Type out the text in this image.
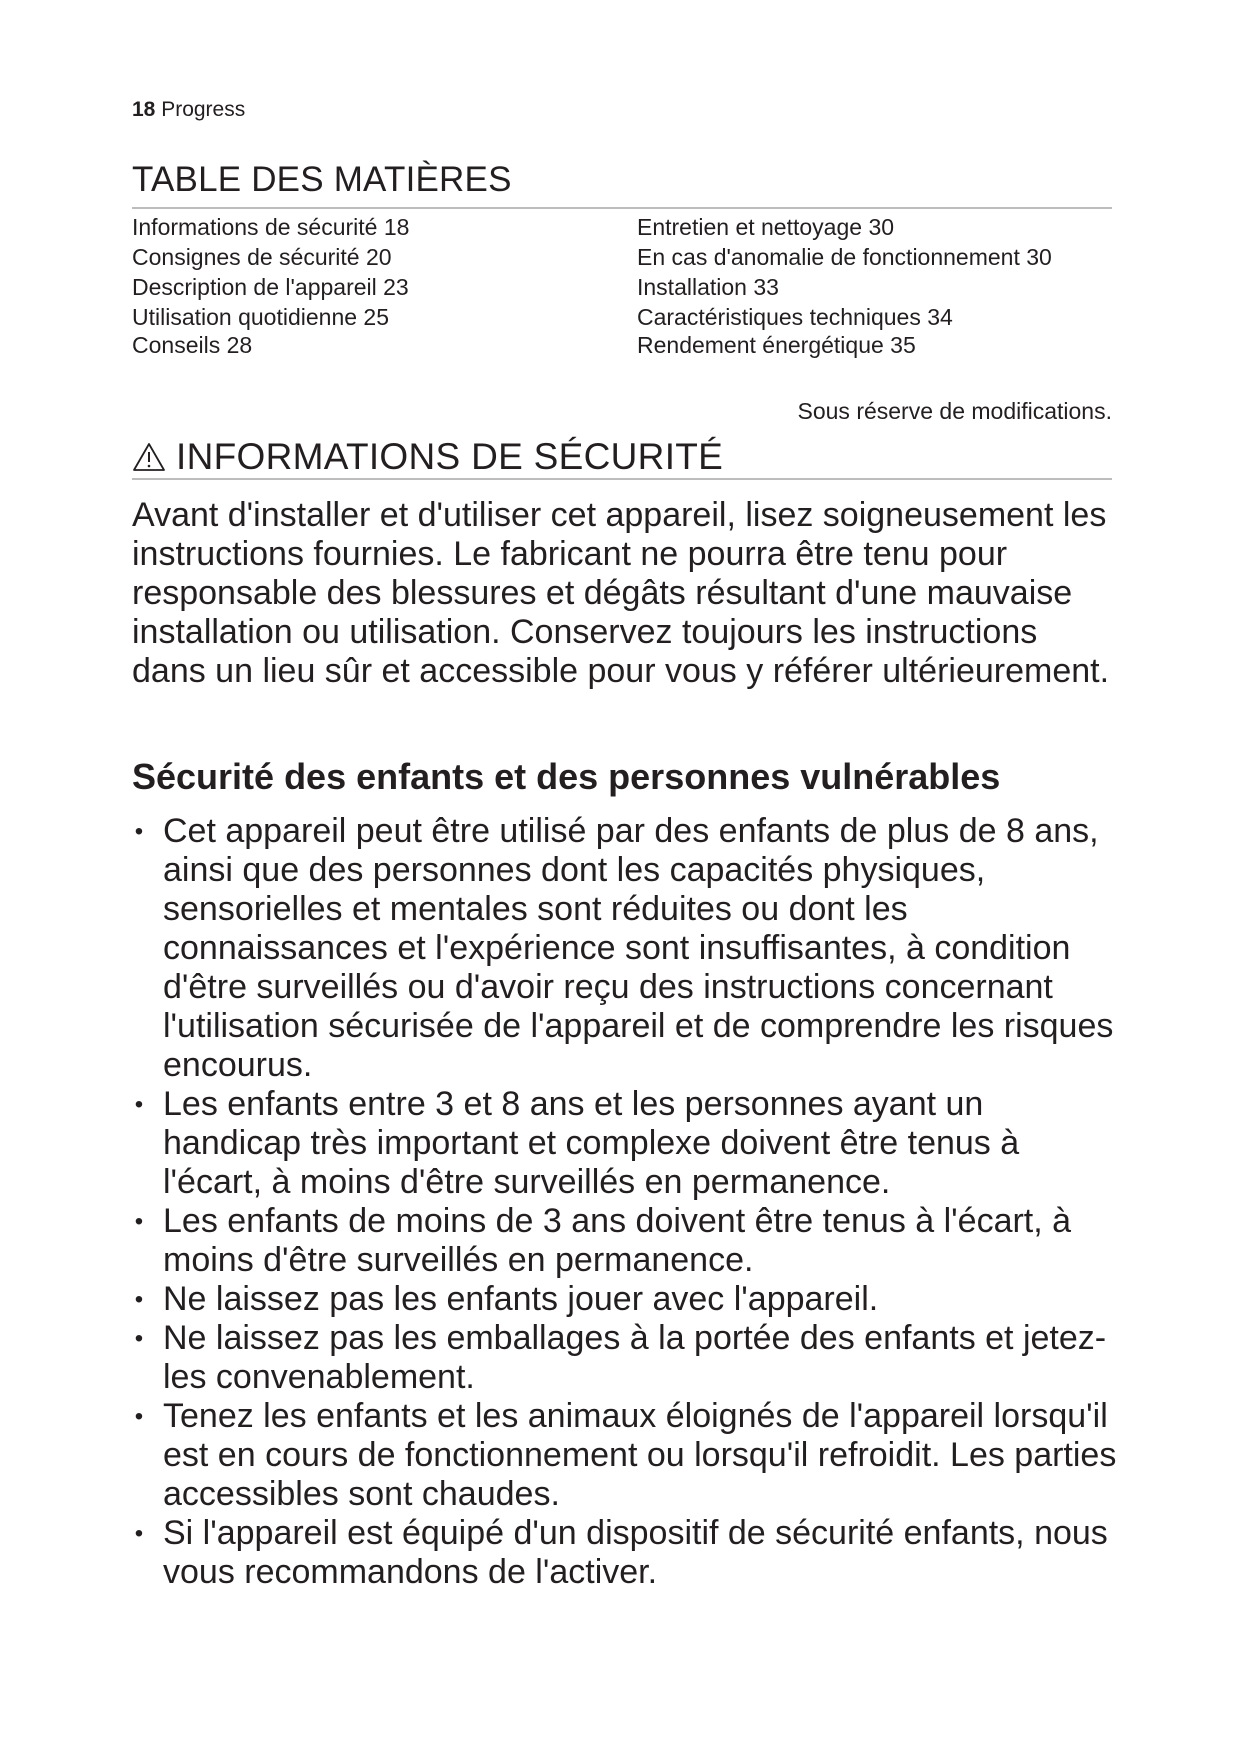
18 Progress
TABLE DES MATIÈRES
Informations de sécurité 18
Consignes de sécurité 20
Description de l'appareil 23
Utilisation quotidienne 25
Conseils 28
Entretien et nettoyage 30
En cas d'anomalie de fonctionnement 30
Installation 33
Caractéristiques techniques 34
Rendement énergétique 35
Sous réserve de modifications.
INFORMATIONS DE SÉCURITÉ

Avant d'installer et d'utiliser cet appareil, lisez soigneusement les instructions fournies. Le fabricant ne pourra être tenu pour responsable des blessures et dégâts résultant d'une mauvaise installation ou utilisation. Conservez toujours les instructions dans un lieu sûr et accessible pour vous y référer ultérieurement.

Sécurité des enfants et des personnes vulnérables
• Cet appareil peut être utilisé par des enfants de plus de 8 ans, ainsi que des personnes dont les capacités physiques, sensorielles et mentales sont réduites ou dont les connaissances et l'expérience sont insuffisantes, à condition d'être surveillés ou d'avoir reçu des instructions concernant l'utilisation sécurisée de l'appareil et de comprendre les risques encourus.
• Les enfants entre 3 et 8 ans et les personnes ayant un handicap très important et complexe doivent être tenus à l'écart, à moins d'être surveillés en permanence.
• Les enfants de moins de 3 ans doivent être tenus à l'écart, à moins d'être surveillés en permanence.
• Ne laissez pas les enfants jouer avec l'appareil.
• Ne laissez pas les emballages à la portée des enfants et jetez-les convenablement.
• Tenez les enfants et les animaux éloignés de l'appareil lorsqu'il est en cours de fonctionnement ou lorsqu'il refroidit. Les parties accessibles sont chaudes.
• Si l'appareil est équipé d'un dispositif de sécurité enfants, nous vous recommandons de l'activer.
